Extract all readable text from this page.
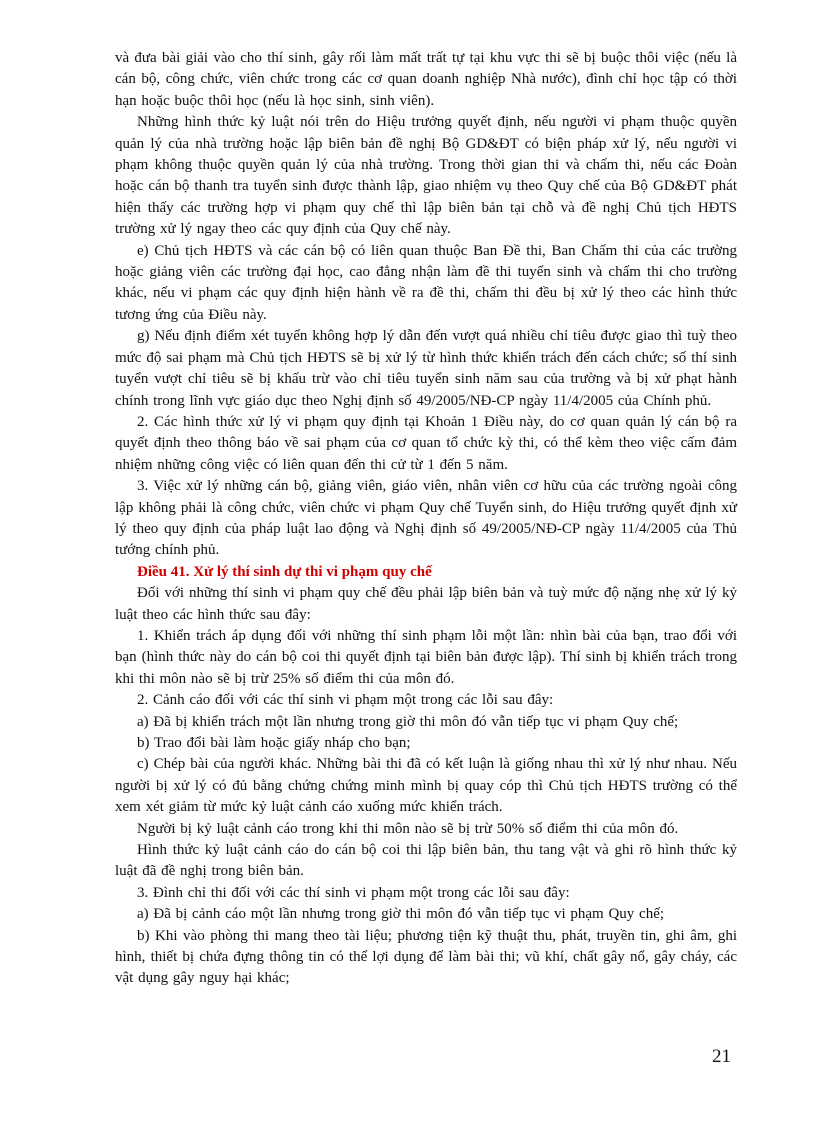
và đưa bài giải vào cho thí sinh, gây rối làm mất trất tự tại khu vực thi sẽ bị buộc thôi việc (nếu là cán bộ, công chức, viên chức trong các cơ quan doanh nghiệp Nhà nước), đình chỉ học tập có thời hạn hoặc buộc thôi học (nếu là học sinh, sinh viên).

Những hình thức kỷ luật nói trên do Hiệu trưởng quyết định, nếu người vi phạm thuộc quyền quản lý của nhà trường hoặc lập biên bản đề nghị Bộ GD&ĐT có biện pháp xử lý, nếu người vi phạm không thuộc quyền quản lý của nhà trường. Trong thời gian thi và chấm thi, nếu các Đoàn hoặc cán bộ thanh tra tuyển sinh được thành lập, giao nhiệm vụ theo Quy chế của Bộ GD&ĐT phát hiện thấy các trường hợp vi phạm quy chế thì lập biên bản tại chỗ và đề nghị Chủ tịch HĐTS trường xử lý ngay theo các quy định của Quy chế này.

e) Chủ tịch HĐTS và các cán bộ có liên quan thuộc Ban Đề thi, Ban Chấm thi của các trường hoặc giảng viên các trường đại học, cao đẳng nhận làm đề thi tuyển sinh và chấm thi cho trường khác, nếu vi phạm các quy định hiện hành về ra đề thi, chấm thi đều bị xử lý theo các hình thức tương ứng của Điều này.

g) Nếu định điểm xét tuyển không hợp lý dẫn đến vượt quá nhiều chỉ tiêu được giao thì tuỳ theo mức độ sai phạm mà Chủ tịch HĐTS sẽ bị xử lý từ hình thức khiển trách đến cách chức; số thí sinh tuyển vượt chỉ tiêu sẽ bị khấu trừ vào chỉ tiêu tuyển sinh năm sau của trường và bị xử phạt hành chính trong lĩnh vực giáo dục theo Nghị định số 49/2005/NĐ-CP ngày 11/4/2005 của Chính phủ.

2. Các hình thức xử lý vi phạm quy định tại Khoản 1 Điều này, do cơ quan quản lý cán bộ ra quyết định theo thông báo về sai phạm của cơ quan tổ chức kỳ thi, có thể kèm theo việc cấm đảm nhiệm những công việc có liên quan đến thi cử từ 1 đến 5 năm.

3. Việc xử lý những cán bộ, giảng viên, giáo viên, nhân viên cơ hữu của các trường ngoài công lập không phải là công chức, viên chức vi phạm Quy chế Tuyển sinh, do Hiệu trưởng quyết định xử lý theo quy định của pháp luật lao động và Nghị định số 49/2005/NĐ-CP ngày 11/4/2005 của Thủ tướng chính phủ.

Điều 41. Xử lý thí sinh dự thi vi phạm quy chế

Đối với những thí sinh vi phạm quy chế đều phải lập biên bản và tuỳ mức độ nặng nhẹ xử lý kỷ luật theo các hình thức sau đây:

1. Khiển trách áp dụng đối với những thí sinh phạm lỗi một lần: nhìn bài của bạn, trao đổi với bạn (hình thức này do cán bộ coi thi quyết định tại biên bản được lập). Thí sinh bị khiển trách trong khi thi môn nào sẽ bị trừ 25% số điểm thi của môn đó.

2. Cảnh cáo đối với các thí sinh vi phạm một trong các lỗi sau đây:

a) Đã bị khiển trách một lần nhưng trong giờ thi môn đó vẫn tiếp tục vi phạm Quy chế;

b) Trao đổi bài làm hoặc giấy nháp cho bạn;

c) Chép bài của người khác. Những bài thi đã có kết luận là giống nhau thì xử lý như nhau. Nếu người bị xử lý có đủ bằng chứng chứng minh mình bị quay cóp thì Chủ tịch HĐTS trường có thể xem xét giảm từ mức kỷ luật cảnh cáo xuống mức khiển trách.

Người bị kỷ luật cảnh cáo trong khi thi môn nào sẽ bị trừ 50% số điểm thi của môn đó.

Hình thức kỷ luật cảnh cáo do cán bộ coi thi lập biên bản, thu tang vật và ghi rõ hình thức kỷ luật đã đề nghị trong biên bản.

3. Đình chỉ thi đối với các thí sinh vi phạm một trong các lỗi sau đây:

a) Đã bị cảnh cáo một lần nhưng trong giờ thi môn đó vẫn tiếp tục vi phạm Quy chế;

b) Khi vào phòng thi mang theo tài liệu; phương tiện kỹ thuật thu, phát, truyền tin, ghi âm, ghi hình, thiết bị chứa đựng thông tin có thể lợi dụng để làm bài thi; vũ khí, chất gây nổ, gây cháy, các vật dụng gây nguy hại khác;

21
